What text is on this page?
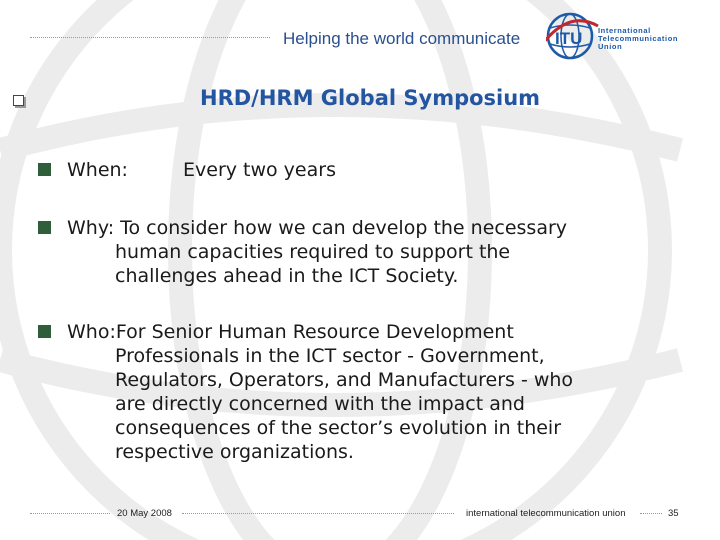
Helping the world communicate ITU International
Telecommunication
Union
HRD/HRM Global Symposium
When:	Every two years
Why: To consider how we can develop the necessary
human capacities required to support the
challenges ahead in the ICT Society.
Who:For Senior Human Resource Development
Professionals in the ICT sector - Government,
Regulators, Operators, and Manufacturers - who
are directly concerned with the impact and
consequences of the sector’s evolution in their
respective organizations.
20 May 2008	international telecommunication union	35
